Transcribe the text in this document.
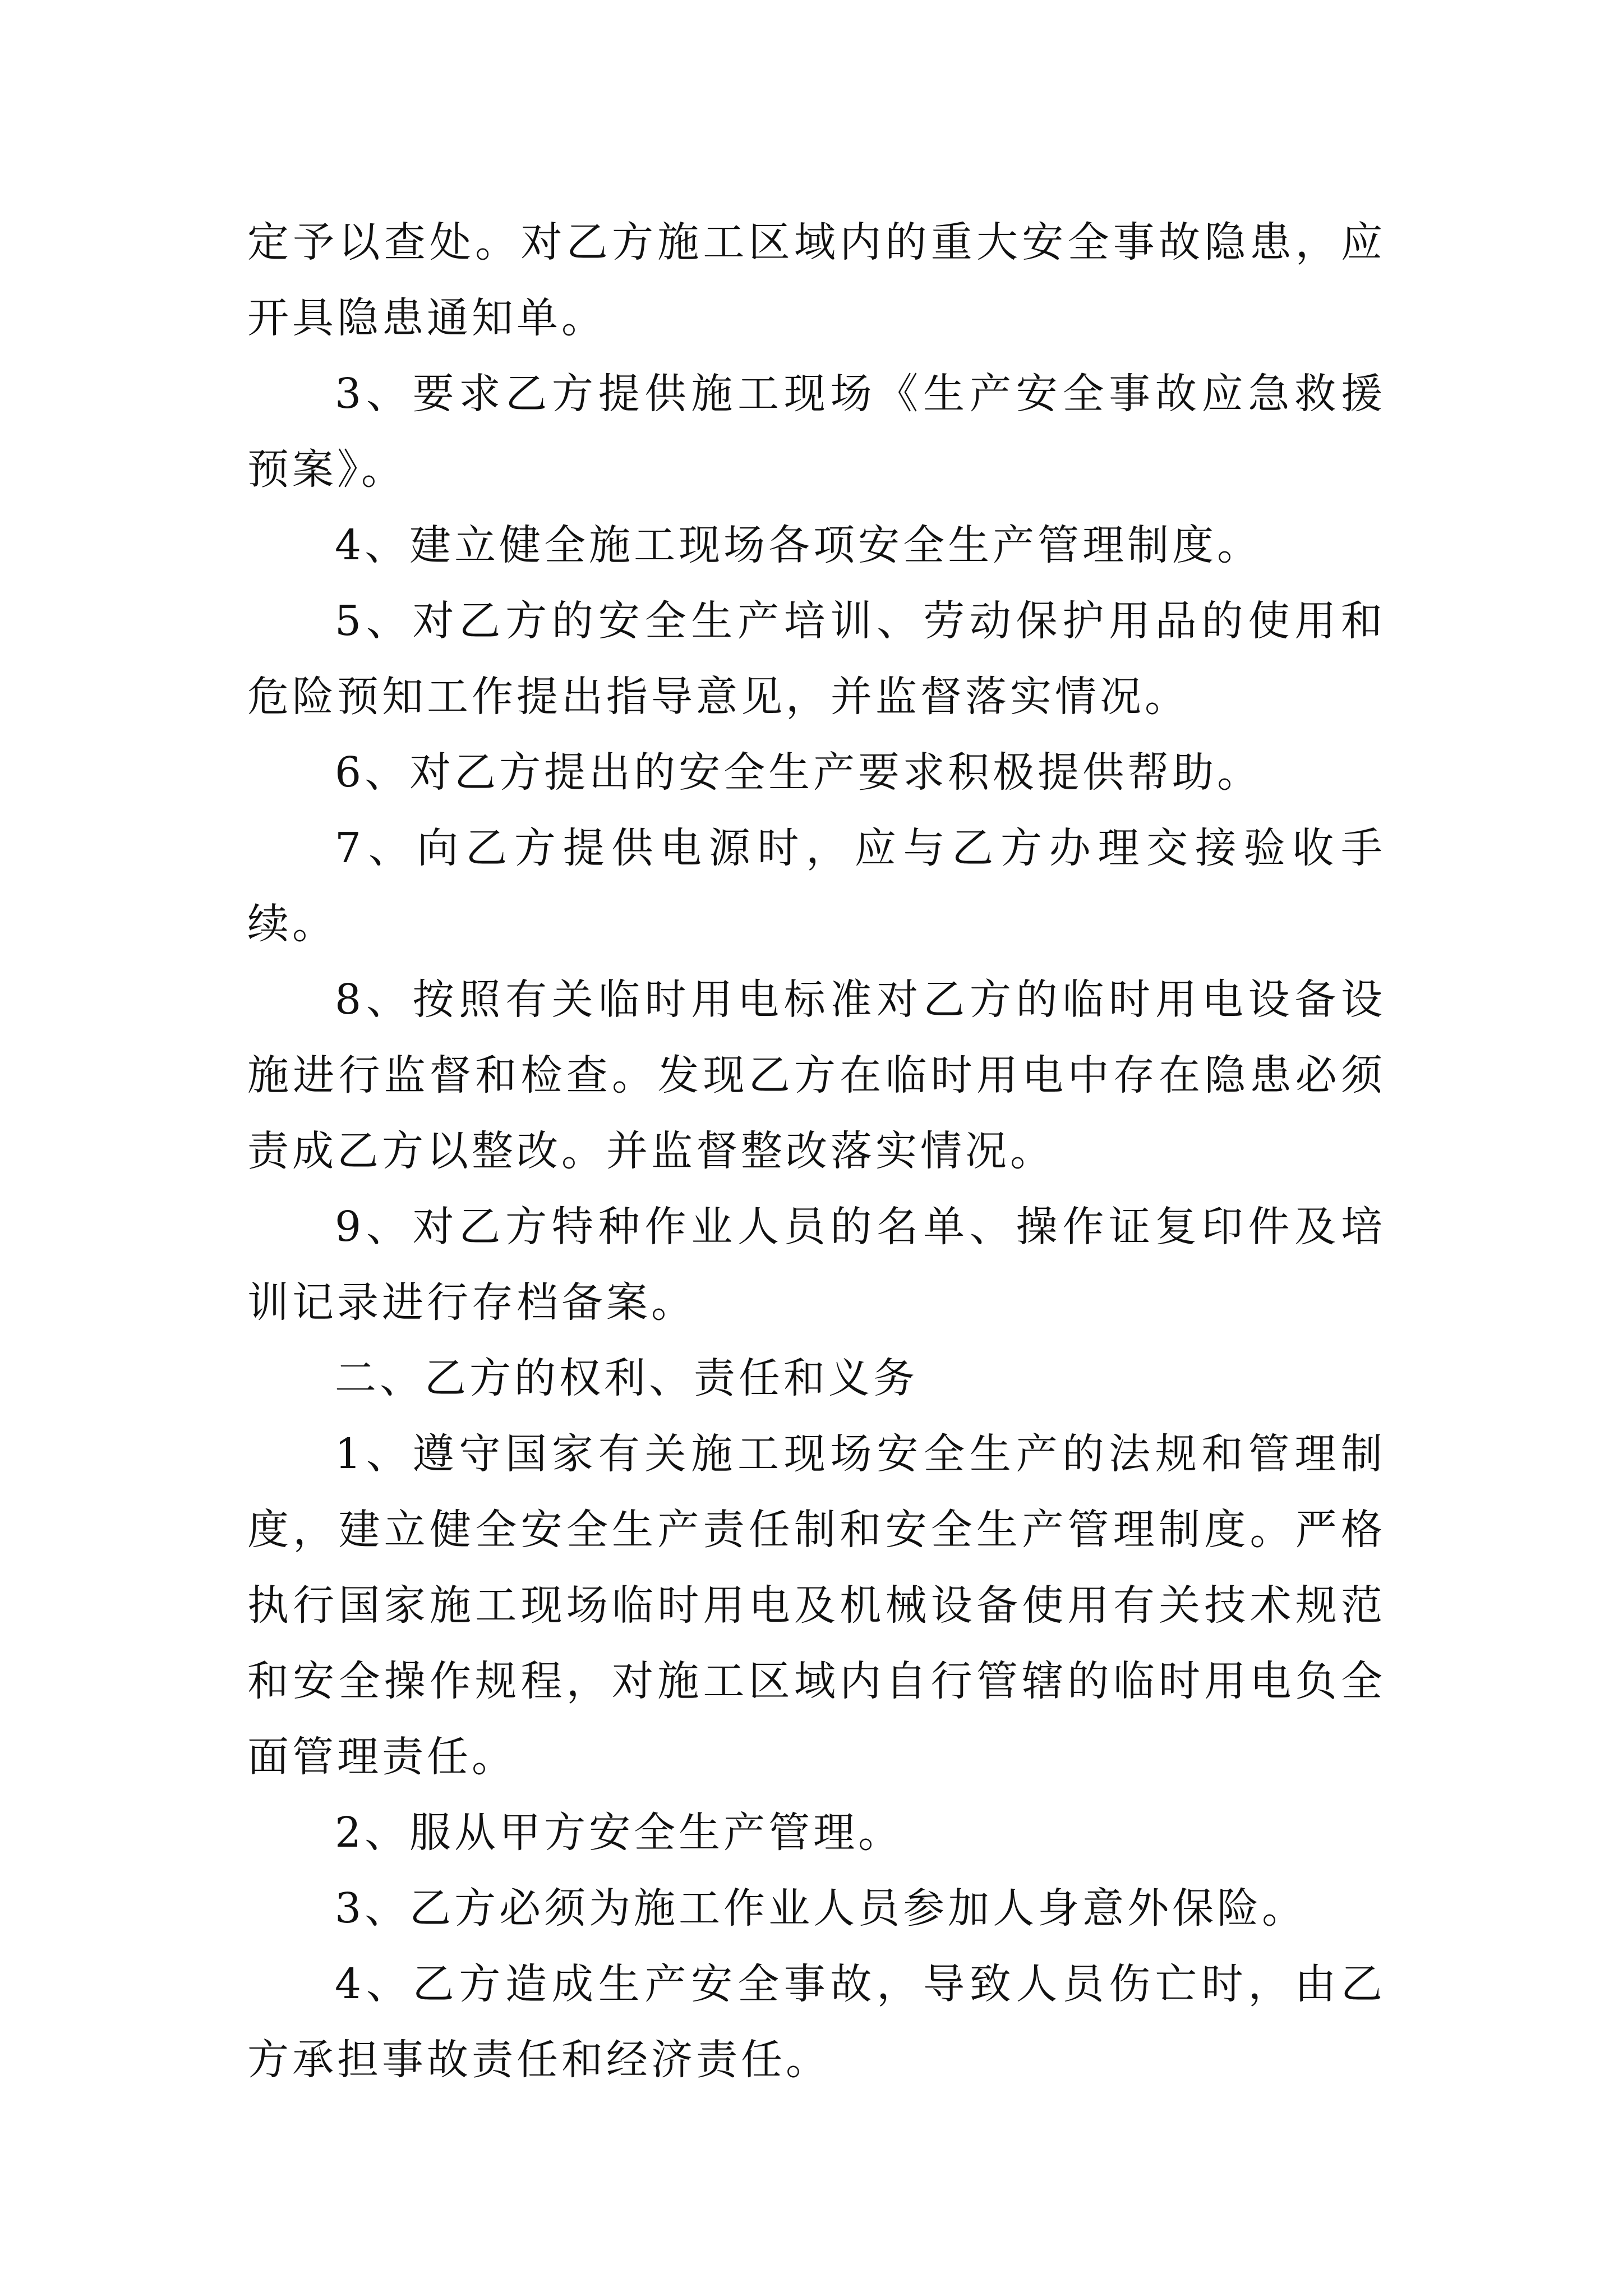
定予以查处。对乙方施工区域内的重大安全事故隐患，应开具隐患通知单。

3、要求乙方提供施工现场《生产安全事故应急救援预案》。

4、建立健全施工现场各项安全生产管理制度。

5、对乙方的安全生产培训、劳动保护用品的使用和危险预知工作提出指导意见，并监督落实情况。

6、对乙方提出的安全生产要求积极提供帮助。

7、向乙方提供电源时，应与乙方办理交接验收手续。

8、按照有关临时用电标准对乙方的临时用电设备设施进行监督和检查。发现乙方在临时用电中存在隐患必须责成乙方以整改。并监督整改落实情况。

9、对乙方特种作业人员的名单、操作证复印件及培训记录进行存档备案。

二、乙方的权利、责任和义务

1、遵守国家有关施工现场安全生产的法规和管理制度，建立健全安全生产责任制和安全生产管理制度。严格执行国家施工现场临时用电及机械设备使用有关技术规范和安全操作规程，对施工区域内自行管辖的临时用电负全面管理责任。

2、服从甲方安全生产管理。

3、乙方必须为施工作业人员参加人身意外保险。

4、乙方造成生产安全事故，导致人员伤亡时，由乙方承担事故责任和经济责任。
